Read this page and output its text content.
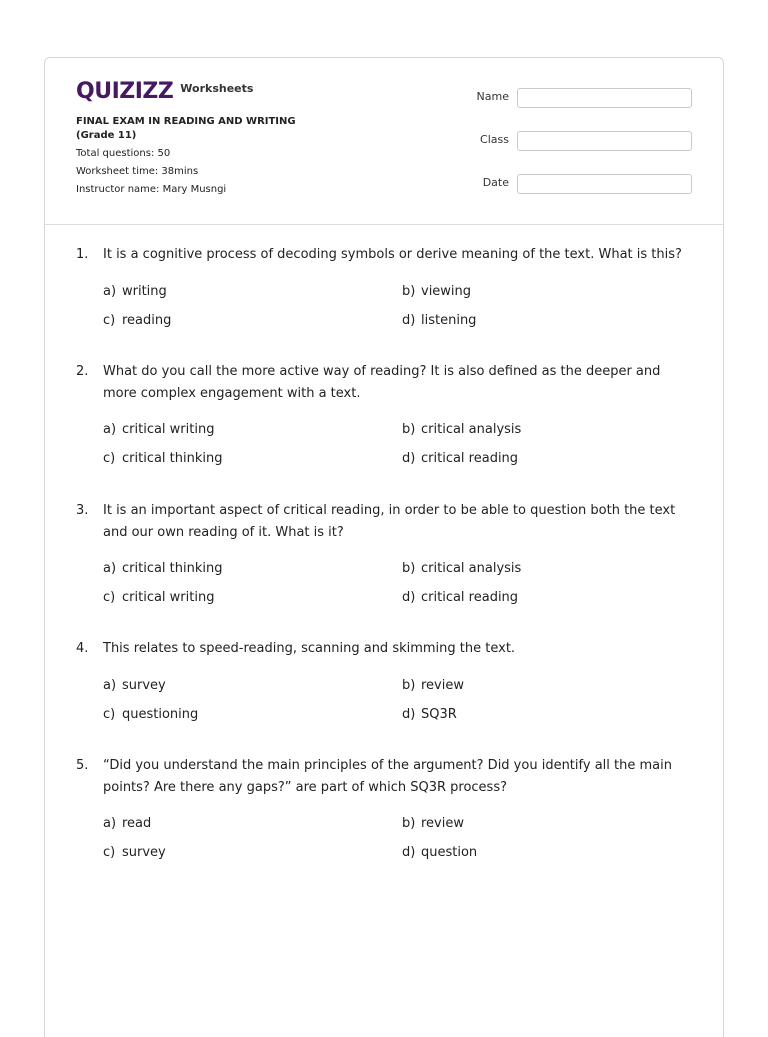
QUIZIZZ Worksheets
FINAL EXAM IN READING AND WRITING
(Grade 11)
Total questions: 50
Worksheet time: 38mins
Instructor name: Mary Musngi
Name
Class
Date
1.	It is a cognitive process of decoding symbols or derive meaning of the text. What is this?
a) writing	b) viewing
c) reading	d) listening
2.	What do you call the more active way of reading? It is also defined as the deeper and more complex engagement with a text.
a) critical writing	b) critical analysis
c) critical thinking	d) critical reading
3.	It is an important aspect of critical reading, in order to be able to question both the text and our own reading of it. What is it?
a) critical thinking	b) critical analysis
c) critical writing	d) critical reading
4.	This relates to speed-reading, scanning and skimming the text.
a) survey	b) review
c) questioning	d) SQ3R
5.	“Did you understand the main principles of the argument? Did you identify all the main points? Are there any gaps?” are part of which SQ3R process?
a) read	b) review
c) survey	d) question
